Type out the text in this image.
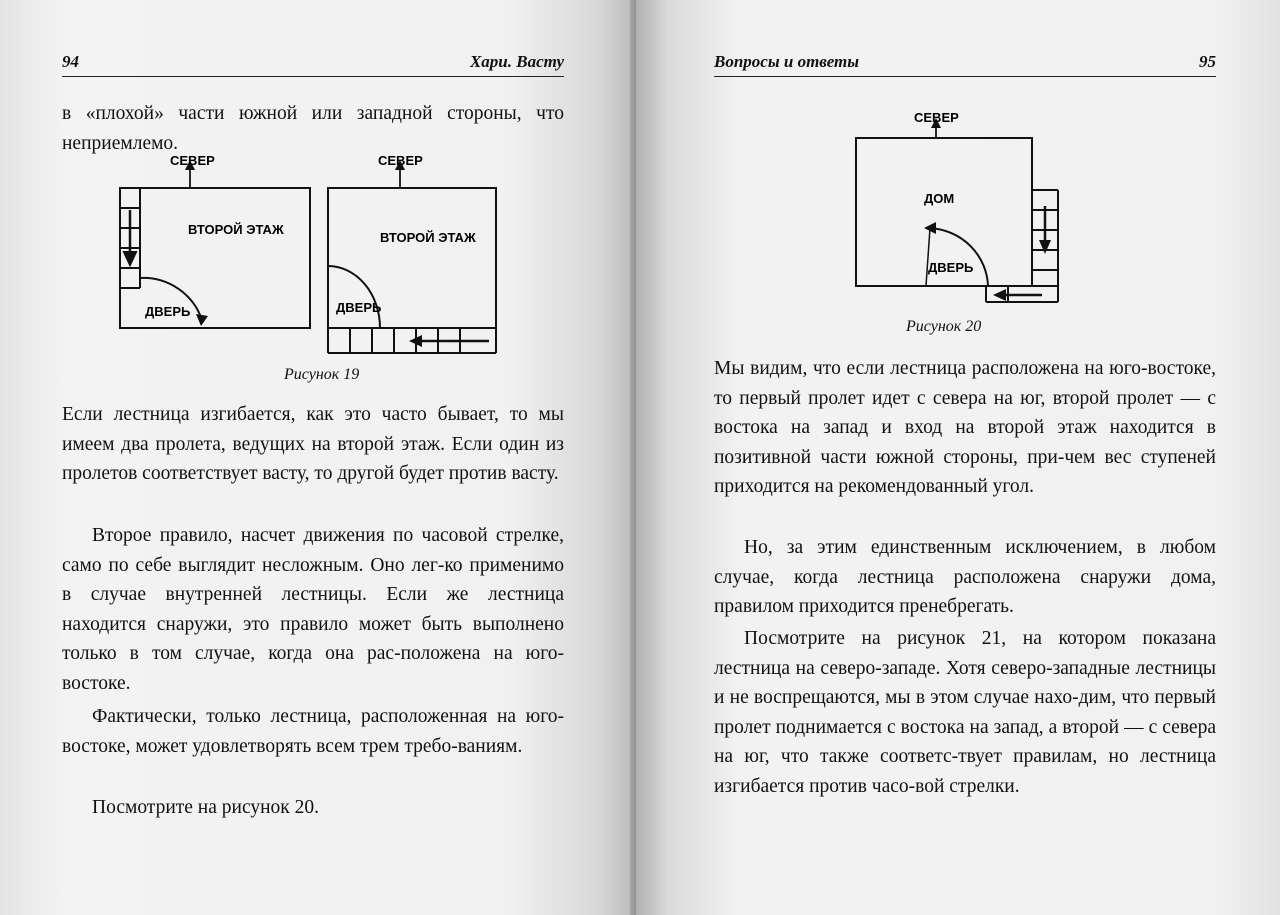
94	Хари. Васту

в «плохой» части южной или западной стороны, что неприемлемо.

СЕВЕР
ВТОРОЙ ЭТАЖ
ДВЕРЬ
СЕВЕР
ВТОРОЙ ЭТАЖ
ДВЕРЬ
Рисунок 19

Если лестница изгибается, как это часто бывает, то мы имеем два пролета, ведущих на второй этаж. Если один из пролетов соответствует васту, то другой будет против васту.

Второе правило, насчет движения по часовой стрелке, само по себе выглядит несложным. Оно лег-ко применимо в случае внутренней лестницы. Если же лестница находится снаружи, это правило может быть выполнено только в том случае, когда она рас-положена на юго-востоке.

Фактически, только лестница, расположенная на юго-востоке, может удовлетворять всем трем требо-ваниям.

Посмотрите на рисунок 20.

Вопросы и ответы	95
СЕВЕР
ДОМ
ДВЕРЬ
Рисунок 20

Мы видим, что если лестница расположена на юго-востоке, то первый пролет идет с севера на юг, второй пролет — с востока на запад и вход на второй этаж находится в позитивной части южной стороны, при-чем вес ступеней приходится на рекомендованный угол.

Но, за этим единственным исключением, в любом случае, когда лестница расположена снаружи дома, правилом приходится пренебрегать.

Посмотрите на рисунок 21, на котором показана лестница на северо-западе. Хотя северо-западные лестницы и не воспрещаются, мы в этом случае нахо-дим, что первый пролет поднимается с востока на запад, а второй — с севера на юг, что также соответс-твует правилам, но лестница изгибается против часо-вой стрелки.
